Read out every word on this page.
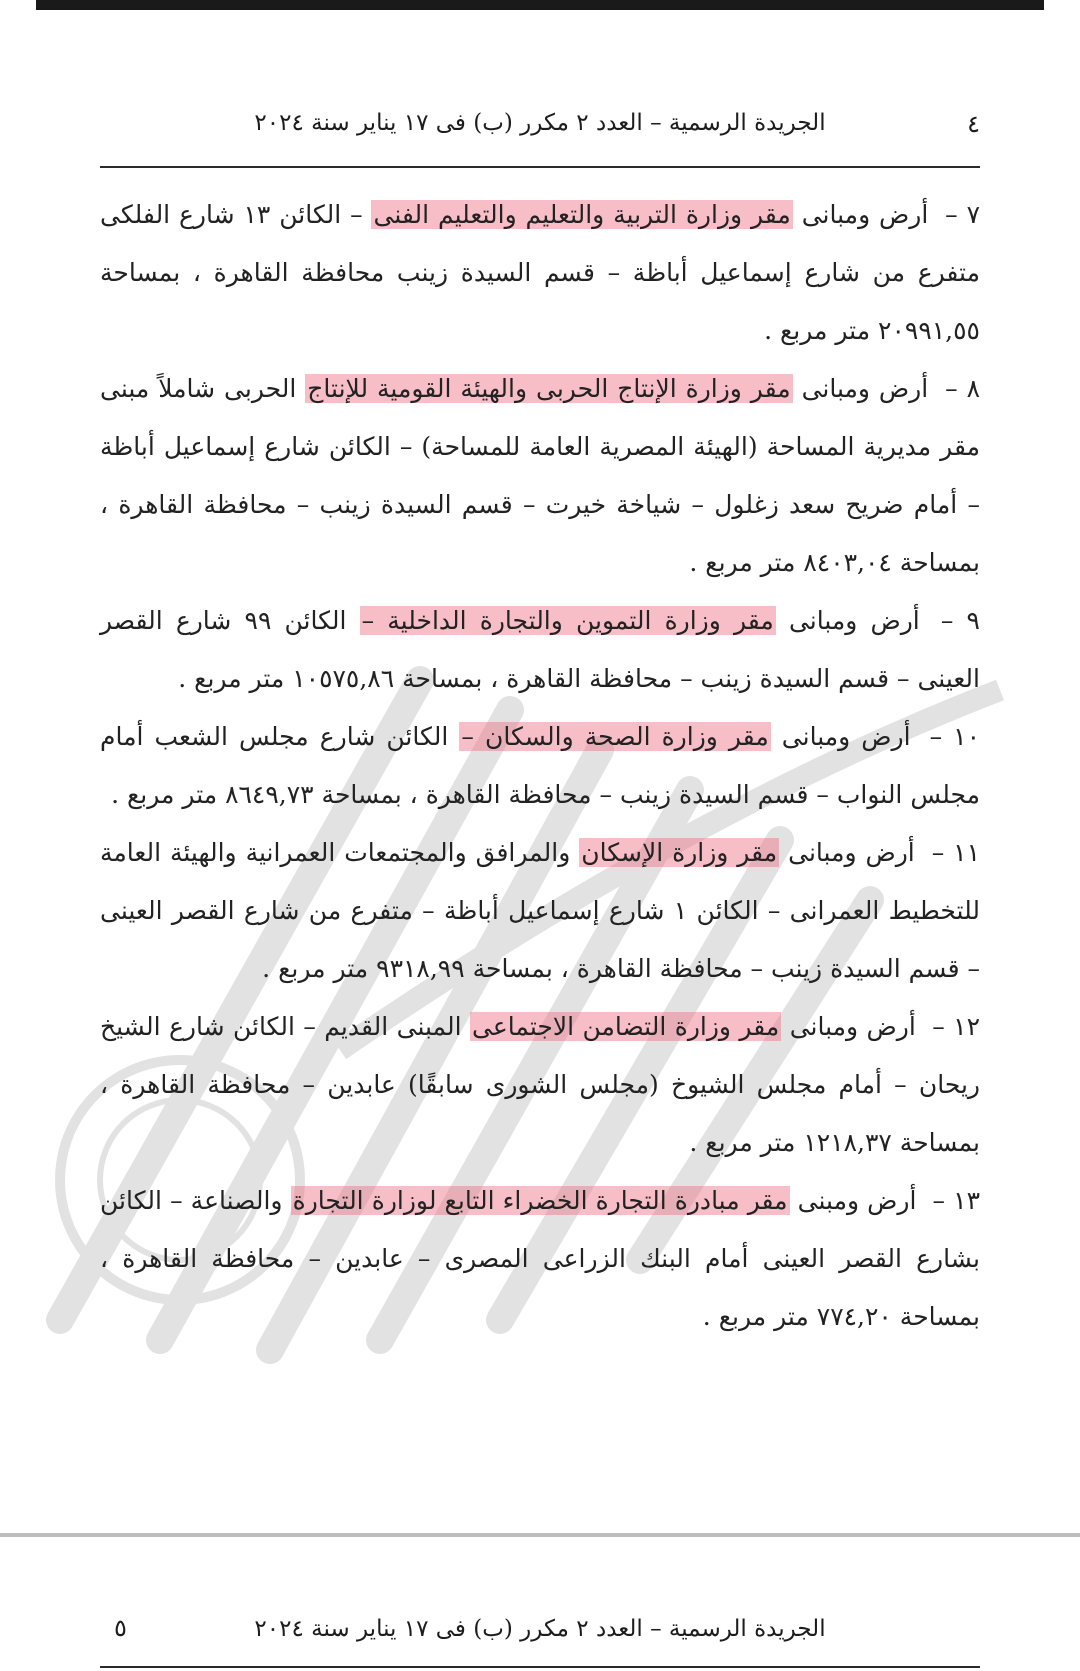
٤
الجريدة الرسمية – العدد ٢ مكرر (ب) فى ١٧ يناير سنة ٢٠٢٤

٧ – أرض ومبانى مقر وزارة التربية والتعليم والتعليم الفنى – الكائن ١٣ شارع الفلكى متفرع من شارع إسماعيل أباظة – قسم السيدة زينب محافظة القاهرة ، بمساحة ٢٠٩٩١,٥٥ متر مربع .

٨ – أرض ومبانى مقر وزارة الإنتاج الحربى والهيئة القومية للإنتاج الحربى شاملاً مبنى مقر مديرية المساحة (الهيئة المصرية العامة للمساحة) – الكائن شارع إسماعيل أباظة – أمام ضريح سعد زغلول – شياخة خيرت – قسم السيدة زينب – محافظة القاهرة ، بمساحة ٨٤٠٣,٠٤ متر مربع .

٩ – أرض ومبانى مقر وزارة التموين والتجارة الداخلية – الكائن ٩٩ شارع القصر العينى – قسم السيدة زينب – محافظة القاهرة ، بمساحة ١٠٥٧٥,٨٦ متر مربع .

١٠ – أرض ومبانى مقر وزارة الصحة والسكان – الكائن شارع مجلس الشعب أمام مجلس النواب – قسم السيدة زينب – محافظة القاهرة ، بمساحة ٨٦٤٩,٧٣ متر مربع .

١١ – أرض ومبانى مقر وزارة الإسكان والمرافق والمجتمعات العمرانية والهيئة العامة للتخطيط العمرانى – الكائن ١ شارع إسماعيل أباظة – متفرع من شارع القصر العينى – قسم السيدة زينب – محافظة القاهرة ، بمساحة ٩٣١٨,٩٩ متر مربع .

١٢ – أرض ومبانى مقر وزارة التضامن الاجتماعى المبنى القديم – الكائن شارع الشيخ ريحان – أمام مجلس الشيوخ (مجلس الشورى سابقًا) عابدين – محافظة القاهرة ، بمساحة ١٢١٨,٣٧ متر مربع .

١٣ – أرض ومبنى مقر مبادرة التجارة الخضراء التابع لوزارة التجارة والصناعة – الكائن بشارع القصر العينى أمام البنك الزراعى المصرى – عابدين – محافظة القاهرة ، بمساحة ٧٧٤,٢٠ متر مربع .

٥	الجريدة الرسمية – العدد ٢ مكرر (ب) فى ١٧ يناير سنة ٢٠٢٤
